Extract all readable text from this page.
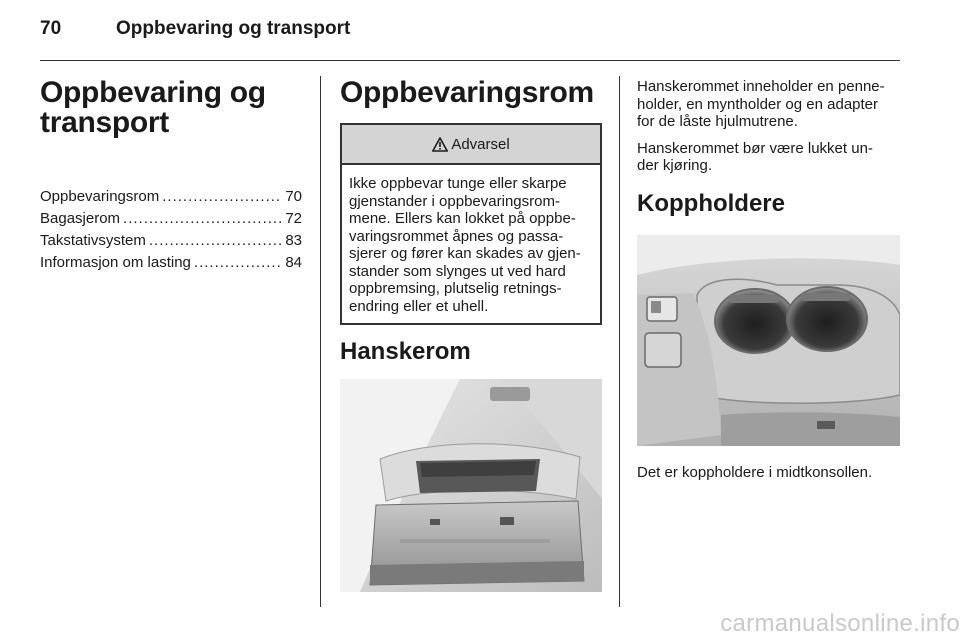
70	Oppbevaring og transport
Oppbevaring og
transport
Oppbevaringsrom .....	70
Bagasjerom .....	72
Takstativsystem .....	83
Informasjon om lasting .....	84
Oppbevaringsrom
Advarsel
Ikke oppbevar tunge eller skarpe
gjenstander i oppbevaringsrom-
mene. Ellers kan lokket på oppbe-
varingsrommet åpnes og passa-
sjerer og fører kan skades av gjen-
stander som slynges ut ved hard
oppbremsing, plutselig retnings-
endring eller et uhell.
Hanskerom

Hanskerommet inneholder en penne-
holder, en myntholder og en adapter
for de låste hjulmutrene.

Hanskerommet bør være lukket un-
der kjøring.

Koppholdere
Det er koppholdere i midtkonsollen.
carmanualsonline.info
